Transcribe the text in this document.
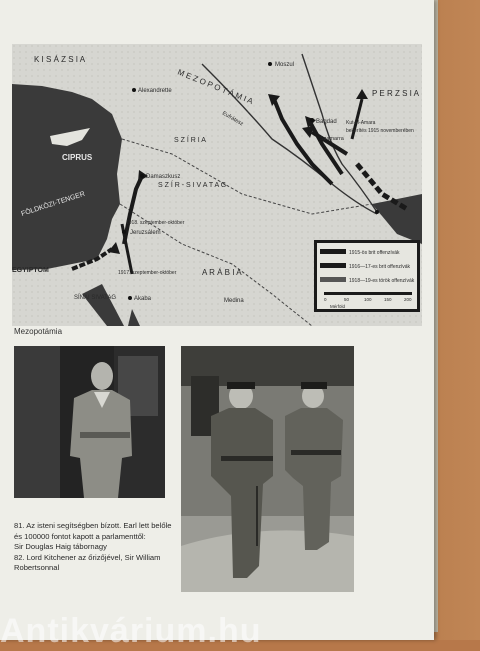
K I S Á Z S I A
M E Z O P O T Á M I A	P E R Z S I A
S Z Í R I A
CIPRUS
FÖLDKÖZI-TENGER
S Z Í R - S I V A T A G
A R Á B I A
EGYIPTOM
SÍNAI SIVATAG
Alexandrette
Damaszkusz
Jeruzsálem
Akaba	Medina
Moszul
Bagdad
Eufrátesz
Szamarra
1918. szeptember-október
1917. szeptember-október
Kut-el-Amara
bekerítés 1915 novemberében
1915-ös brit offenzívák
1916—17-es brit offenzívák
1918—19-es török offenzívák
0	50	100	150	200
Mérföld
Mezopotámia

81. Az isteni segítségben bízott. Earl lett belőle

és 100000 fontot kapott a parlamenttől:

Sir Douglas Haig tábornagy

82. Lord Kitchener az őrizőjével, Sir William

Robertsonnal

Antikvárium.hu
